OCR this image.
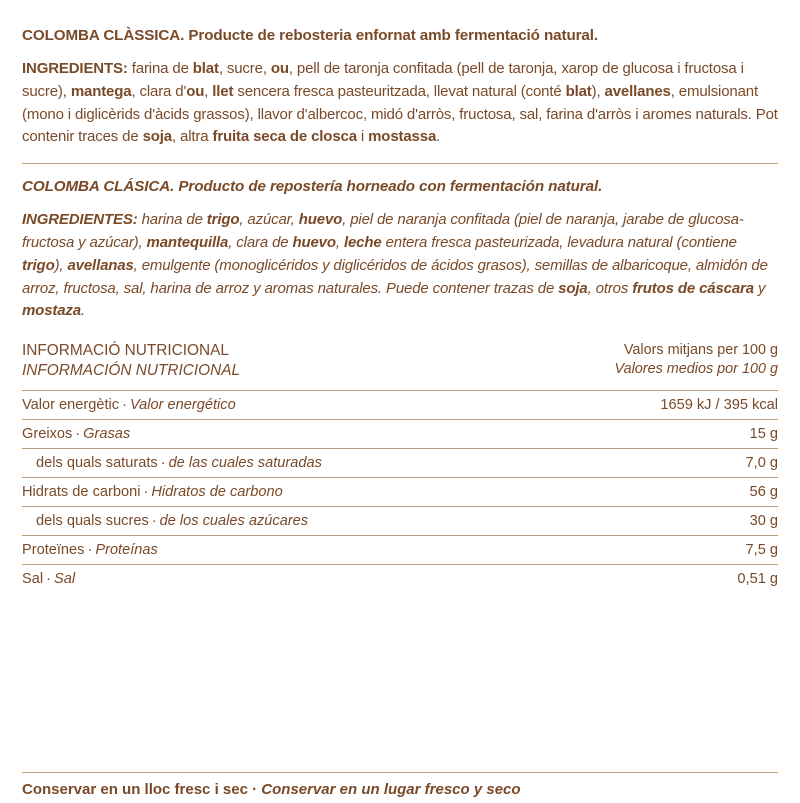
COLOMBA CLÀSSICA. Producte de rebosteria enfornat amb fermentació natural.

INGREDIENTS: farina de blat, sucre, ou, pell de taronja confitada (pell de taronja, xarop de glucosa i fructosa i sucre), mantega, clara d'ou, llet sencera fresca pasteuritzada, llevat natural (conté blat), avellanes, emulsionant (mono i diglicèrids d'àcids grassos), llavor d'albercoc, midó d'arròs, fructosa, sal, farina d'arròs i aromes naturals. Pot contenir traces de soja, altra fruita seca de closca i mostassa.

COLOMBA CLÁSICA. Producto de repostería horneado con fermentación natural.

INGREDIENTES: harina de trigo, azúcar, huevo, piel de naranja confitada (piel de naranja, jarabe de glucosa-fructosa y azúcar), mantequilla, clara de huevo, leche entera fresca pasteurizada, levadura natural (contiene trigo), avellanas, emulgente (monoglicéridos y diglicéridos de ácidos grasos), semillas de albaricoque, almidón de arroz, fructosa, sal, harina de arroz y aromas naturales. Puede contener trazas de soja, otros frutos de cáscara y mostaza.

INFORMACIÓ NUTRICIONAL
INFORMACIÓN NUTRICIONAL
Valors mitjans per 100 g
Valores medios por 100 g
Valor energètic · Valor energético	1659 kJ / 395 kcal
Greixos · Grasas	15 g
dels quals saturats · de las cuales saturadas	7,0 g
Hidrats de carboni · Hidratos de carbono	56 g
dels quals sucres · de los cuales azúcares	30 g
Proteïnes · Proteínas	7,5 g
Sal · Sal	0,51 g
Conservar en un lloc fresc i sec · Conservar en un lugar fresco y seco
